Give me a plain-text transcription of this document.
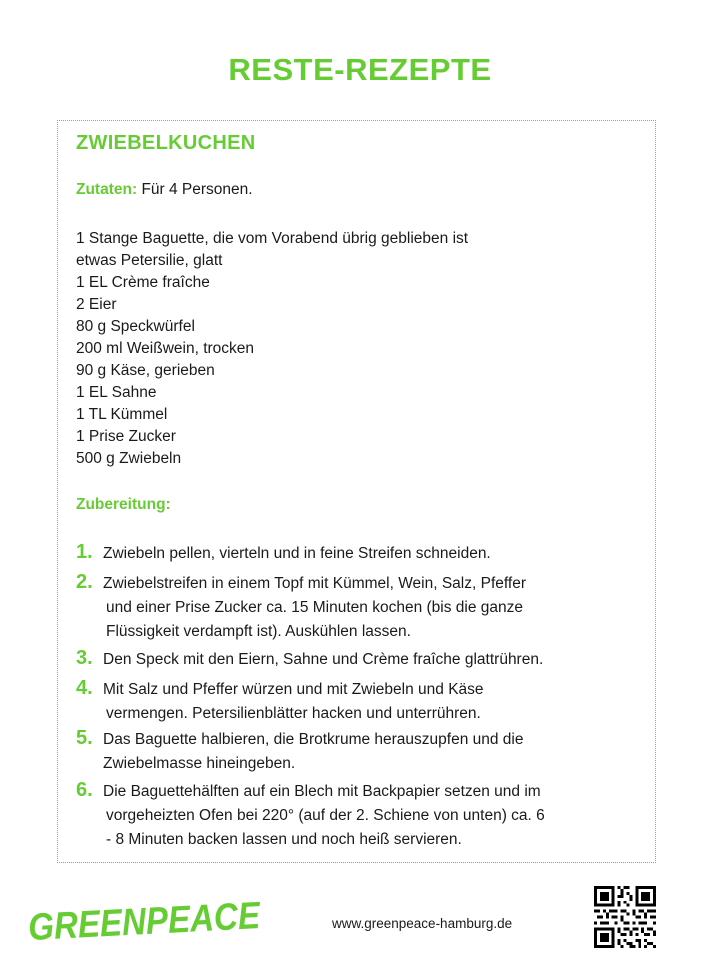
RESTE-REZEPTE
ZWIEBELKUCHEN
Zutaten: Für 4 Personen.
1 Stange Baguette, die vom Vorabend übrig geblieben ist
etwas Petersilie, glatt
1 EL Crème fraîche
2 Eier
80 g Speckwürfel
200 ml Weißwein, trocken
90 g Käse, gerieben
1 EL Sahne
1 TL Kümmel
1 Prise Zucker
500 g Zwiebeln
Zubereitung:
1. Zwiebeln pellen, vierteln und in feine Streifen schneiden.
2. Zwiebelstreifen in einem Topf mit Kümmel, Wein, Salz, Pfeffer
und einer Prise Zucker ca. 15 Minuten kochen (bis die ganze
Flüssigkeit verdampft ist). Auskühlen lassen.
3. Den Speck mit den Eiern, Sahne und Crème fraîche glattrühren.
4. Mit Salz und Pfeffer würzen und mit Zwiebeln und Käse
vermengen. Petersilienblätter hacken und unterrühren.
5. Das Baguette halbieren, die Brotkrume herauszupfen und die
Zwiebelmasse hineingeben.
6. Die Baguettehälften auf ein Blech mit Backpapier setzen und im
vorgeheizten Ofen bei 220° (auf der 2. Schiene von unten) ca. 6
- 8 Minuten backen lassen und noch heiß servieren.
GREENPEACE	www.greenpeace-hamburg.de
